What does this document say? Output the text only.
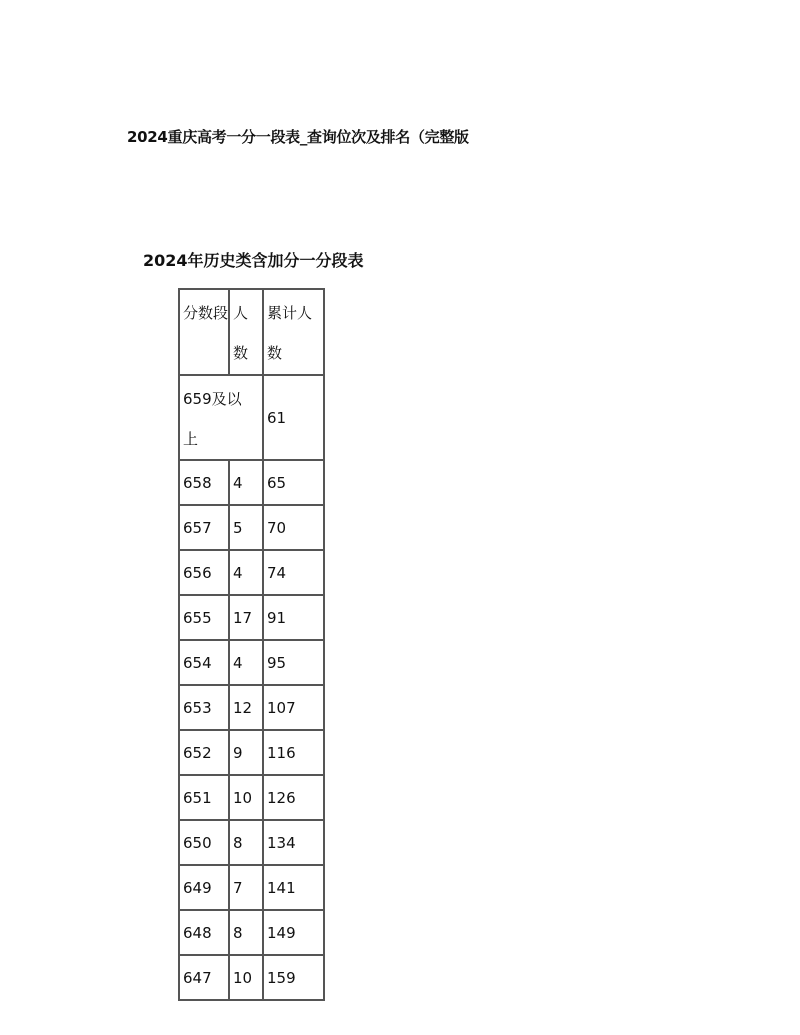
2024重庆高考一分一段表_查询位次及排名（完整版
2024年历史类含加分一分段表
分数段	人数	累计人数

659及以上		61
658	4	65
657	5	70
656	4	74
655	17	91
654	4	95
653	12	107
652	9	116
651	10	126
650	8	134
649	7	141
648	8	149
647	10	159
